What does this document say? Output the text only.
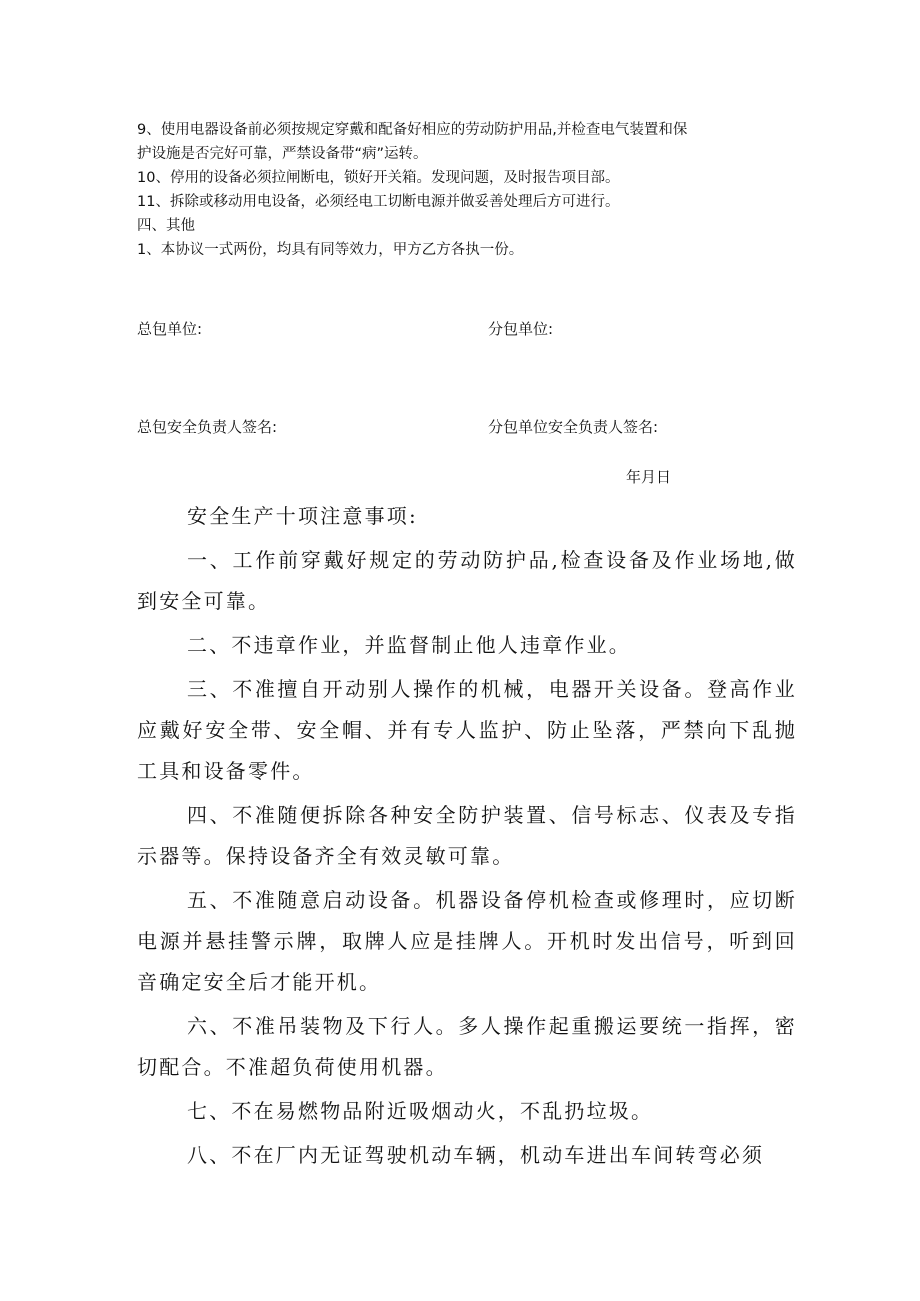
9、使用电器设备前必须按规定穿戴和配备好相应的劳动防护用品,并检查电气装置和保

护设施是否完好可靠，严禁设备带“病”运转。

10、停用的设备必须拉闸断电，锁好开关箱。发现问题，及时报告项目部。

11、拆除或移动用电设备，必须经电工切断电源并做妥善处理后方可进行。

四、其他

1、本协议一式两份，均具有同等效力，甲方乙方各执一份。

总包单位:	分包单位:

总包安全负责人签名:	分包单位安全负责人签名:

年月日

安全生产十项注意事项:

一、工作前穿戴好规定的劳动防护品,检查设备及作业场地,做到安全可靠。

二、不违章作业，并监督制止他人违章作业。

三、不准擅自开动别人操作的机械，电器开关设备。登高作业应戴好安全带、安全帽、并有专人监护、防止坠落，严禁向下乱抛工具和设备零件。

四、不准随便拆除各种安全防护装置、信号标志、仪表及专指示器等。保持设备齐全有效灵敏可靠。

五、不准随意启动设备。机器设备停机检查或修理时，应切断电源并悬挂警示牌，取牌人应是挂牌人。开机时发出信号，听到回音确定安全后才能开机。

六、不准吊装物及下行人。多人操作起重搬运要统一指挥，密切配合。不准超负荷使用机器。

七、不在易燃物品附近吸烟动火，不乱扔垃圾。

八、不在厂内无证驾驶机动车辆，机动车进出车间转弯必须
